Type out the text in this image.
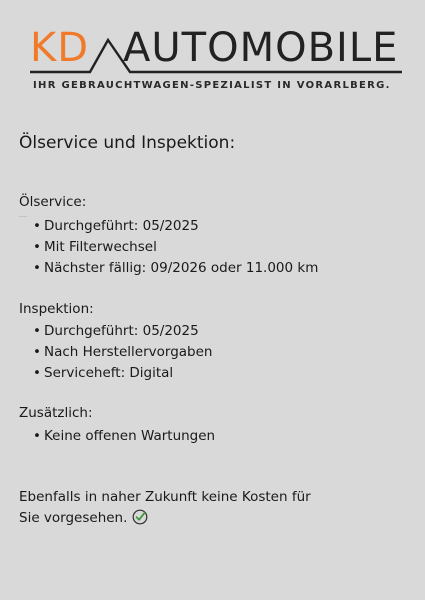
KD AUTOMOBILE
IHR GEBRAUCHTWAGEN-SPEZIALIST IN VORARLBERG.
Ölservice und Inspektion:
Ölservice:
⸺
• Durchgeführt: 05/2025
• Mit Filterwechsel
• Nächster fällig: 09/2026 oder 11.000 km
Inspektion:
• Durchgeführt: 05/2025
• Nach Herstellervorgaben
• Serviceheft: Digital
Zusätzlich:
• Keine offenen Wartungen
Ebenfalls in naher Zukunft keine Kosten für
Sie vorgesehen.
